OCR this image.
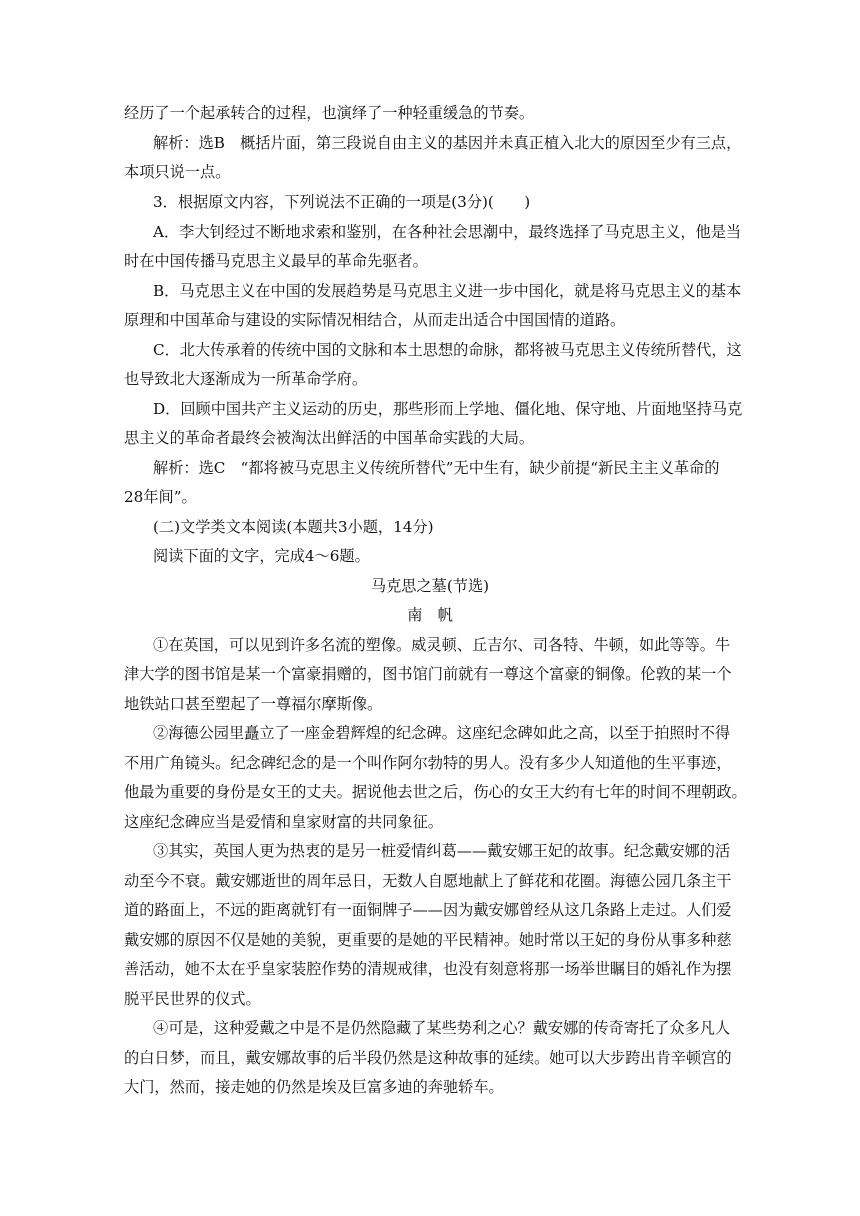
经历了一个起承转合的过程，也演绎了一种轻重缓急的节奏。
解析：选B　概括片面，第三段说自由主义的基因并未真正植入北大的原因至少有三点，
本项只说一点。
3．根据原文内容，下列说法不正确的一项是(3分)(　　)
A．李大钊经过不断地求索和鉴别，在各种社会思潮中，最终选择了马克思主义，他是当
时在中国传播马克思主义最早的革命先驱者。
B．马克思主义在中国的发展趋势是马克思主义进一步中国化，就是将马克思主义的基本
原理和中国革命与建设的实际情况相结合，从而走出适合中国国情的道路。
C．北大传承着的传统中国的文脉和本土思想的命脉，都将被马克思主义传统所替代，这
也导致北大逐渐成为一所革命学府。
D．回顾中国共产主义运动的历史，那些形而上学地、僵化地、保守地、片面地坚持马克
思主义的革命者最终会被淘汰出鲜活的中国革命实践的大局。
解析：选C　“都将被马克思主义传统所替代”无中生有，缺少前提“新民主主义革命的
28年间”。
(二)文学类文本阅读(本题共3小题，14分)
阅读下面的文字，完成4～6题。
马克思之墓(节选)
南　帆
①在英国，可以见到许多名流的塑像。威灵顿、丘吉尔、司各特、牛顿，如此等等。牛
津大学的图书馆是某一个富豪捐赠的，图书馆门前就有一尊这个富豪的铜像。伦敦的某一个
地铁站口甚至塑起了一尊福尔摩斯像。
②海德公园里矗立了一座金碧辉煌的纪念碑。这座纪念碑如此之高，以至于拍照时不得
不用广角镜头。纪念碑纪念的是一个叫作阿尔勃特的男人。没有多少人知道他的生平事迹，
他最为重要的身份是女王的丈夫。据说他去世之后，伤心的女王大约有七年的时间不理朝政。
这座纪念碑应当是爱情和皇家财富的共同象征。
③其实，英国人更为热衷的是另一桩爱情纠葛——戴安娜王妃的故事。纪念戴安娜的活
动至今不衰。戴安娜逝世的周年忌日，无数人自愿地献上了鲜花和花圈。海德公园几条主干
道的路面上，不远的距离就钉有一面铜牌子——因为戴安娜曾经从这几条路上走过。人们爱
戴安娜的原因不仅是她的美貌，更重要的是她的平民精神。她时常以王妃的身份从事多种慈
善活动，她不太在乎皇家装腔作势的清规戒律，也没有刻意将那一场举世瞩目的婚礼作为摆
脱平民世界的仪式。
④可是，这种爱戴之中是不是仍然隐藏了某些势利之心？戴安娜的传奇寄托了众多凡人
的白日梦，而且，戴安娜故事的后半段仍然是这种故事的延续。她可以大步跨出肯辛顿宫的
大门，然而，接走她的仍然是埃及巨富多迪的奔驰轿车。
